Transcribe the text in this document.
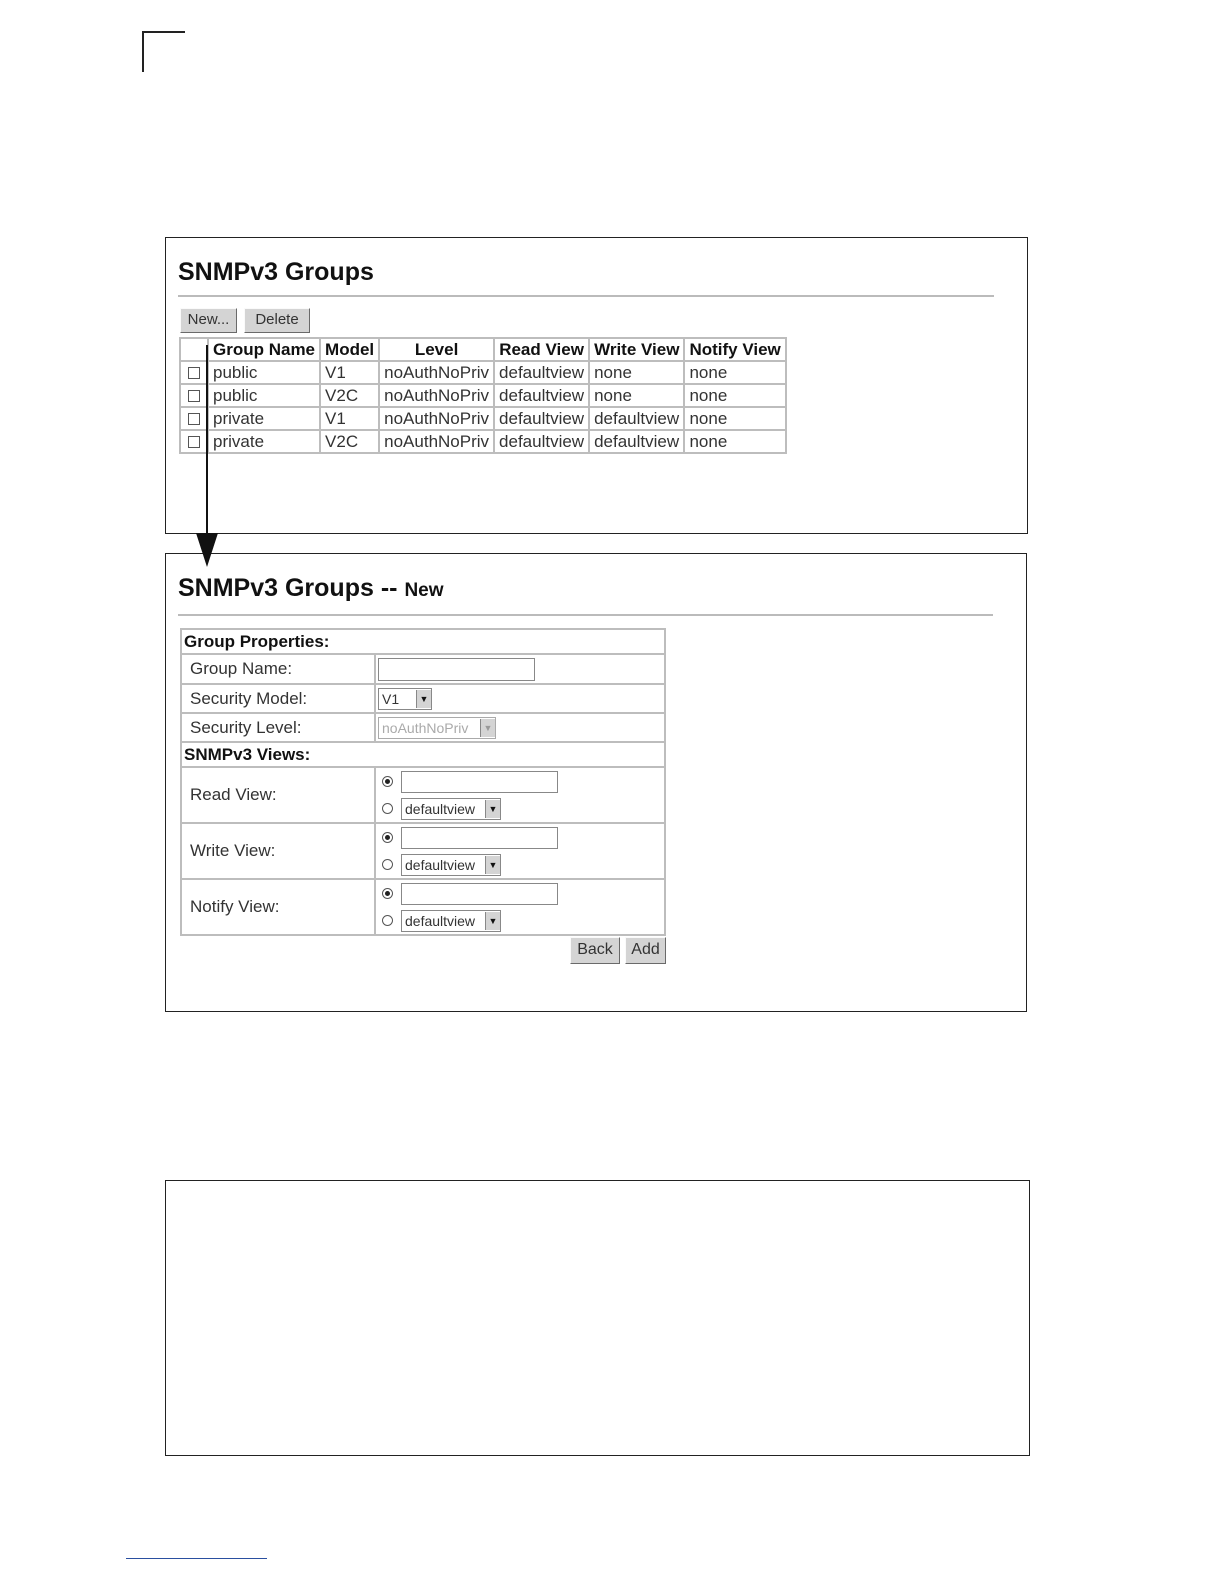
SNMPv3 Groups
New...	Delete
	Group Name	Model	Level	Read View	Write View	Notify View
	public	V1	noAuthNoPriv	defaultview	none	none
	public	V2C	noAuthNoPriv	defaultview	none	none
	private	V1	noAuthNoPriv	defaultview	defaultview	none
	private	V2C	noAuthNoPriv	defaultview	defaultview	none
SNMPv3 Groups -- New
Group Properties:	
Group Name:	
Security Model:	V1 ▼

Security Level:	noAuthNoPriv ▼

SNMPv3 Views:	
Read View:	defaultview ▼

Write View:	defaultview ▼

Notify View:	defaultview ▼
Back	Add
